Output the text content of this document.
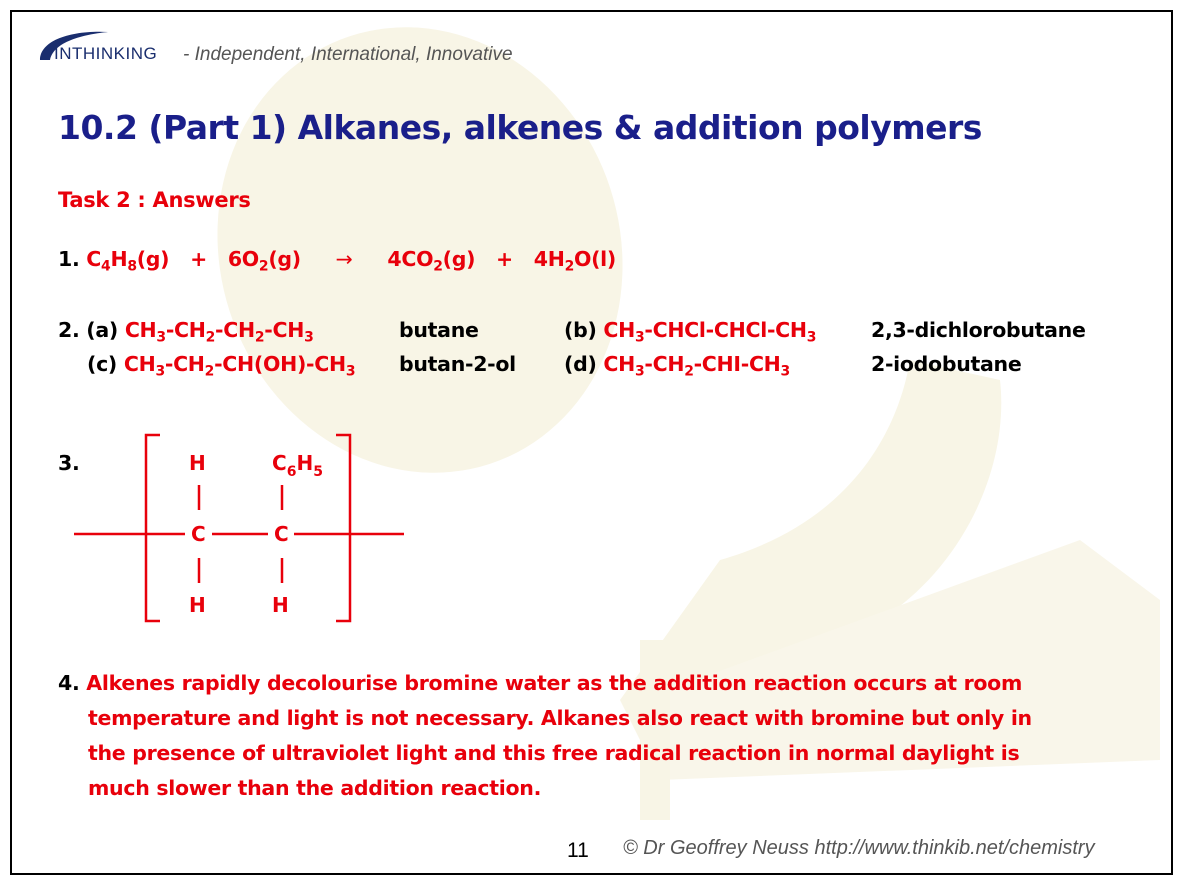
INTHINKING - Independent, International, Innovative
10.2 (Part 1) Alkanes, alkenes & addition polymers
Task 2 : Answers
1. $C_4H_8(g) + 6O_2(g) \to 4CO_2(g) + 4H_2O(l)$
2. (a) $CH_3-CH_2-CH_2-CH_3$	butane	(b) $CH_3-CHCl-CHCl-CH_3$	2,3-dichlorobutane
(c) $CH_3-CH_2-CH(OH)-CH_3$ butan-2-ol (d) $CH_3-CH_2-CHI-CH_3$	2-iodobutane
3.	H	$C_6H_5$
C	C
H	H
4. Alkenes rapidly decolourise bromine water as the addition reaction occurs at room
temperature and light is not necessary. Alkanes also react with bromine but only in
the presence of ultraviolet light and this free radical reaction in normal daylight is
much slower than the addition reaction.
11 © Dr Geoffrey Neuss http://www.thinkib.net/chemistry
